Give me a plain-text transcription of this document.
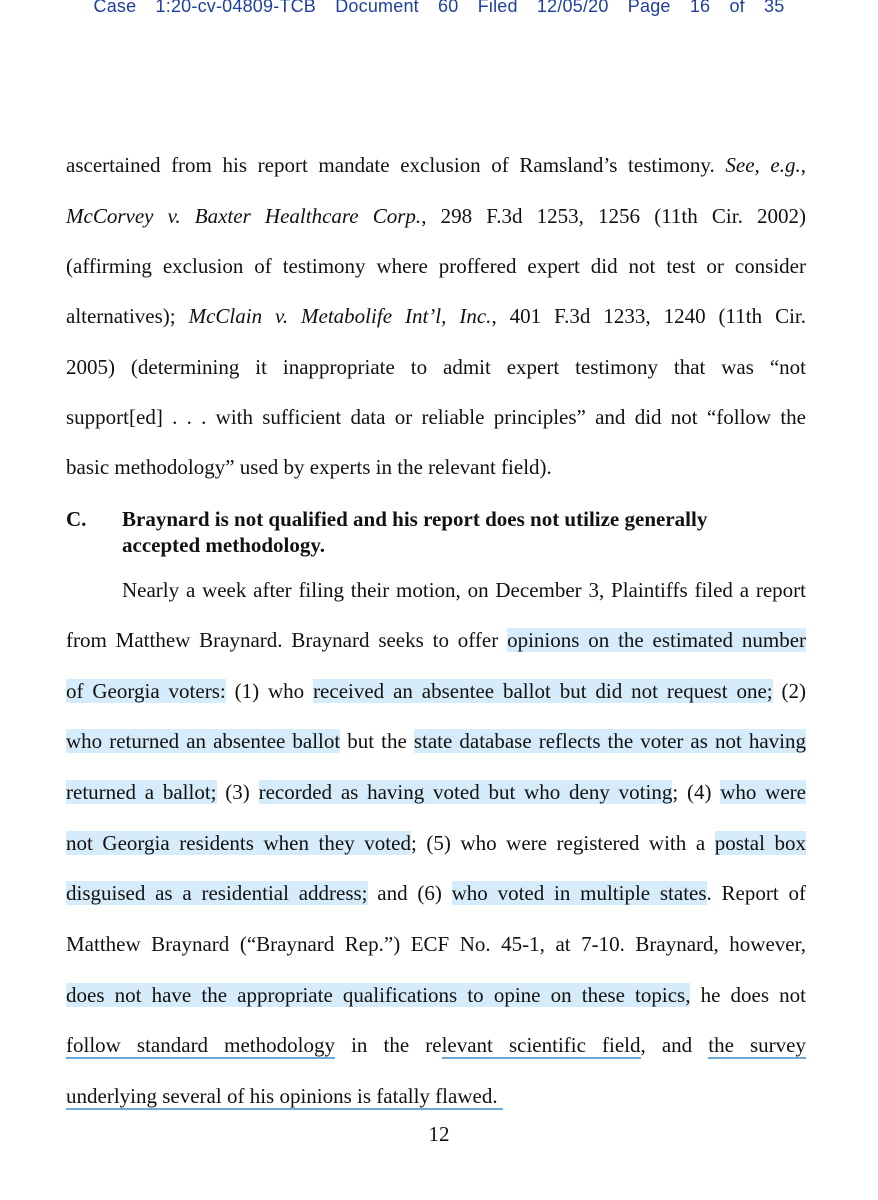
Case 1:20-cv-04809-TCB Document 60 Filed 12/05/20 Page 16 of 35
ascertained from his report mandate exclusion of Ramsland’s testimony. See, e.g.,
McCorvey v. Baxter Healthcare Corp., 298 F.3d 1253, 1256 (11th Cir. 2002)
(affirming exclusion of testimony where proffered expert did not test or consider
alternatives); McClain v. Metabolife Int’l, Inc., 401 F.3d 1233, 1240 (11th Cir.
2005) (determining it inappropriate to admit expert testimony that was “not
support[ed] . . . with sufficient data or reliable principles” and did not “follow the
basic methodology” used by experts in the relevant field).
C. Braynard is not qualified and his report does not utilize generally
accepted methodology.
Nearly a week after filing their motion, on December 3, Plaintiffs filed a report
from Matthew Braynard. Braynard seeks to offer opinions on the estimated number
of Georgia voters: (1) who received an absentee ballot but did not request one; (2)
who returned an absentee ballot but the state database reflects the voter as not having
returned a ballot; (3) recorded as having voted but who deny voting; (4) who were
not Georgia residents when they voted; (5) who were registered with a postal box
disguised as a residential address; and (6) who voted in multiple states. Report of
Matthew Braynard (“Braynard Rep.”) ECF No. 45-1, at 7-10. Braynard, however,
does not have the appropriate qualifications to opine on these topics, he does not
follow standard methodology in the relevant scientific field, and the survey
underlying several of his opinions is fatally flawed.
12
